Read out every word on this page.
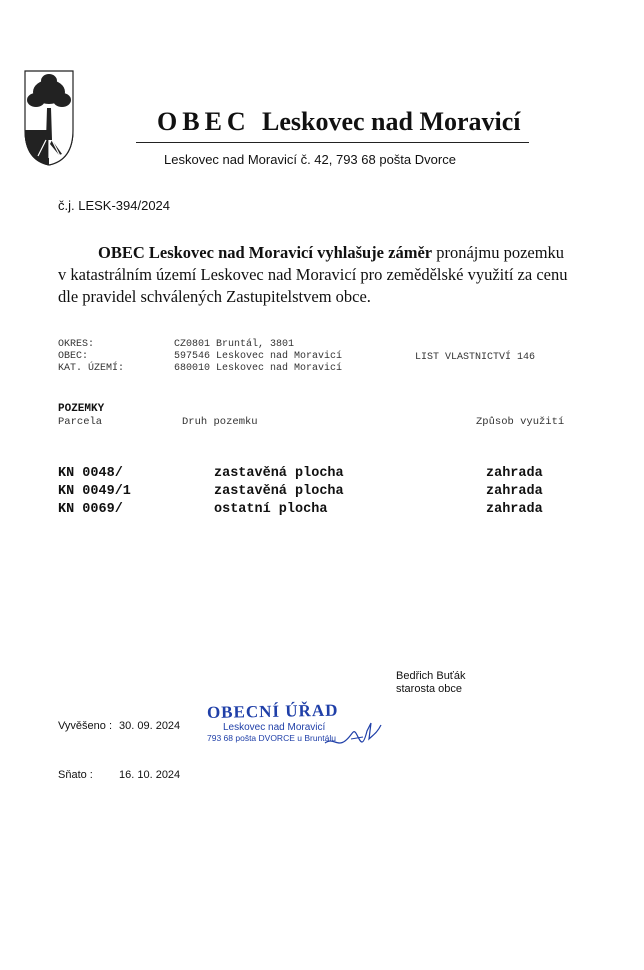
OBEC Leskovec nad Moravicí
Leskovec nad Moravicí č. 42, 793 68 pošta Dvorce
č.j. LESK-394/2024
OBEC Leskovec nad Moravicí vyhlašuje záměr pronájmu pozemku
v katastrálním území Leskovec nad Moravicí pro zemědělské využití za cenu
dle pravidel schválených Zastupitelstvem obce.
OKRES:	CZ0801 Bruntál, 3801
OBEC:	597546 Leskovec nad Moravicí
KAT. ÚZEMÍ:	680010 Leskovec nad Moravicí
LIST VLASTNICTVÍ 146
POZEMKY
Parcela	Druh pozemku	Způsob využití
KN 0048/	zastavěná plocha	zahrada
KN 0049/1	zastavěná plocha	zahrada
KN 0069/	ostatní plocha	zahrada
Bedřich Buťák
starosta obce
OBECNÍ ÚŘAD
Leskovec nad Moravicí
793 68 pošta DVORCE u Bruntálu
Vyvěšeno : 30. 09. 2024
Sňato : 16. 10. 2024
